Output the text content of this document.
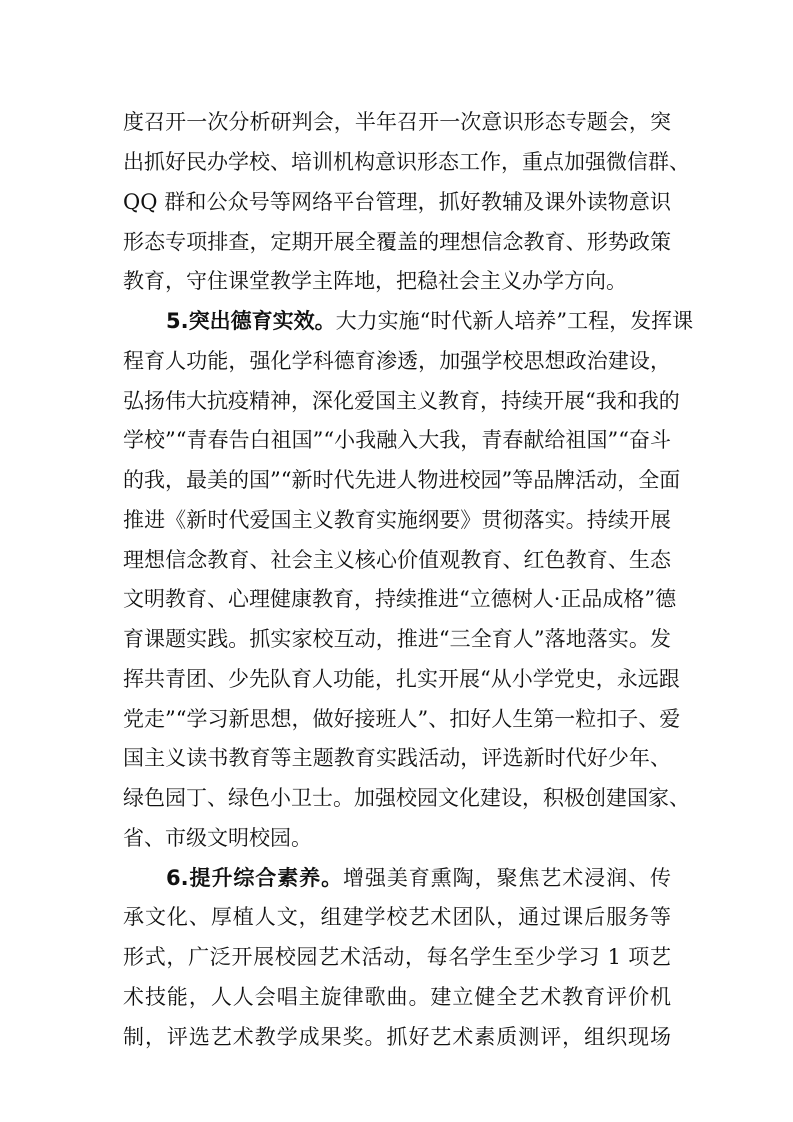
度召开一次分析研判会，半年召开一次意识形态专题会，突
出抓好民办学校、培训机构意识形态工作，重点加强微信群、
QQ 群和公众号等网络平台管理，抓好教辅及课外读物意识
形态专项排查，定期开展全覆盖的理想信念教育、形势政策
教育，守住课堂教学主阵地，把稳社会主义办学方向。
5.突出德育实效。大力实施“时代新人培养”工程，发挥课
程育人功能，强化学科德育渗透，加强学校思想政治建设，
弘扬伟大抗疫精神，深化爱国主义教育，持续开展“我和我的
学校”“青春告白祖国”“小我融入大我，青春献给祖国”“奋斗
的我，最美的国”“新时代先进人物进校园”等品牌活动，全面
推进《新时代爱国主义教育实施纲要》贯彻落实。持续开展
理想信念教育、社会主义核心价值观教育、红色教育、生态
文明教育、心理健康教育，持续推进“立德树人·正品成格”德
育课题实践。抓实家校互动，推进“三全育人”落地落实。发
挥共青团、少先队育人功能，扎实开展“从小学党史，永远跟
党走”“学习新思想，做好接班人”、扣好人生第一粒扣子、爱
国主义读书教育等主题教育实践活动，评选新时代好少年、
绿色园丁、绿色小卫士。加强校园文化建设，积极创建国家、
省、市级文明校园。
6.提升综合素养。增强美育熏陶，聚焦艺术浸润、传
承文化、厚植人文，组建学校艺术团队，通过课后服务等
形式，广泛开展校园艺术活动，每名学生至少学习 1 项艺
术技能，人人会唱主旋律歌曲。建立健全艺术教育评价机
制，评选艺术教学成果奖。抓好艺术素质测评，组织现场
